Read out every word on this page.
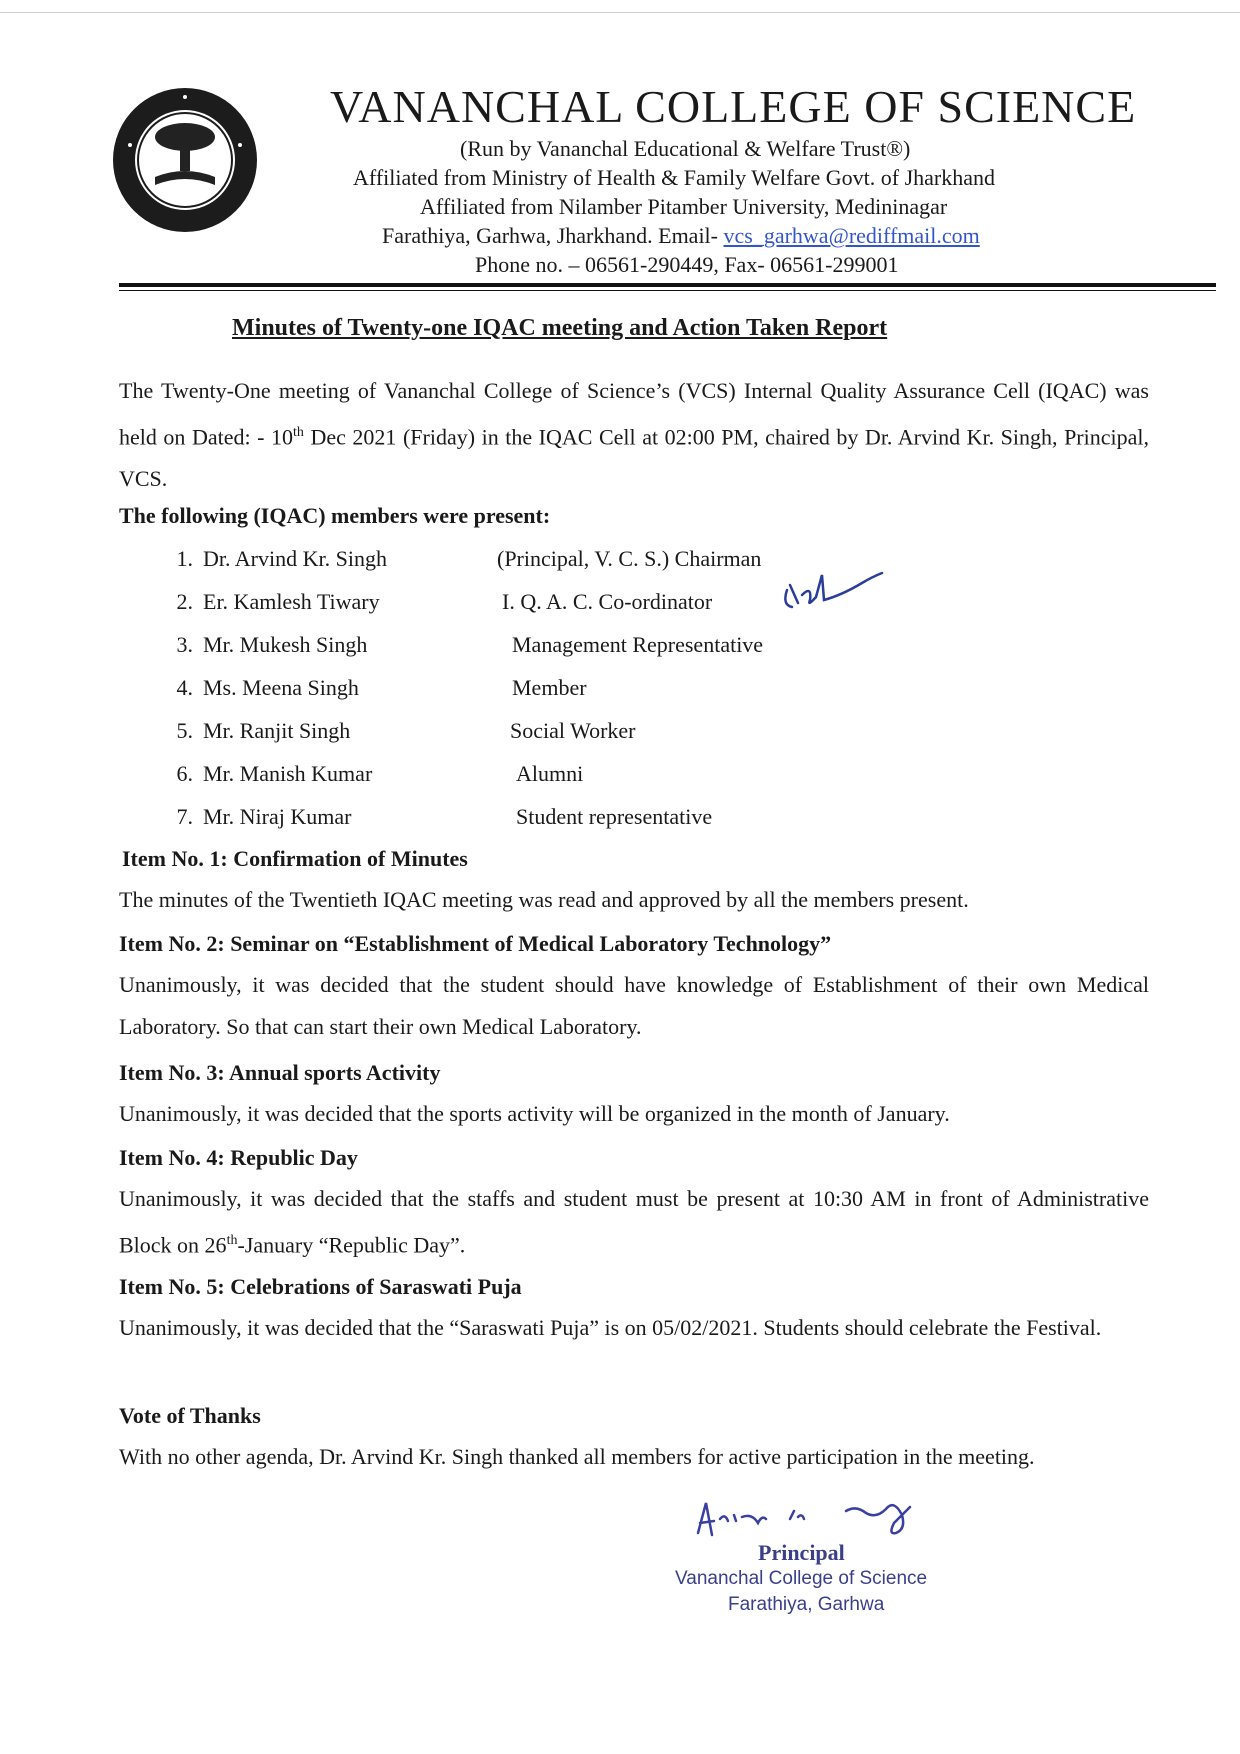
VANANCHAL COLLEGE OF SCIENCE
(Run by Vananchal Educational & Welfare Trust®)
Affiliated from Ministry of Health & Family Welfare Govt. of Jharkhand
Affiliated from Nilamber Pitamber University, Medininagar
Farathiya, Garhwa, Jharkhand. Email- vcs_garhwa@rediffmail.com
Phone no. – 06561-290449, Fax- 06561-299001
Minutes of Twenty-one IQAC meeting and Action Taken Report
The Twenty-One meeting of Vananchal College of Science’s (VCS) Internal Quality Assurance Cell (IQAC) was held on Dated: - 10th Dec 2021 (Friday) in the IQAC Cell at 02:00 PM, chaired by Dr. Arvind Kr. Singh, Principal, VCS.
The following (IQAC) members were present:
1. Dr. Arvind Kr. Singh	(Principal, V. C. S.) Chairman
2. Er. Kamlesh Tiwary	I. Q. A. C. Co-ordinator
3. Mr. Mukesh Singh	Management Representative
4. Ms. Meena Singh	Member
5. Mr. Ranjit Singh	Social Worker
6. Mr. Manish Kumar	Alumni
7. Mr. Niraj Kumar	Student representative
Item No. 1: Confirmation of Minutes
The minutes of the Twentieth IQAC meeting was read and approved by all the members present.
Item No. 2: Seminar on “Establishment of Medical Laboratory Technology”
Unanimously, it was decided that the student should have knowledge of Establishment of their own Medical Laboratory. So that can start their own Medical Laboratory.
Item No. 3: Annual sports Activity
Unanimously, it was decided that the sports activity will be organized in the month of January.
Item No. 4: Republic Day
Unanimously, it was decided that the staffs and student must be present at 10:30 AM in front of Administrative Block on 26th-January “Republic Day”.
Item No. 5: Celebrations of Saraswati Puja
Unanimously, it was decided that the “Saraswati Puja” is on 05/02/2021. Students should celebrate the Festival.
Vote of Thanks
With no other agenda, Dr. Arvind Kr. Singh thanked all members for active participation in the meeting.
Principal
Vananchal College of Science
Farathiya, Garhwa
